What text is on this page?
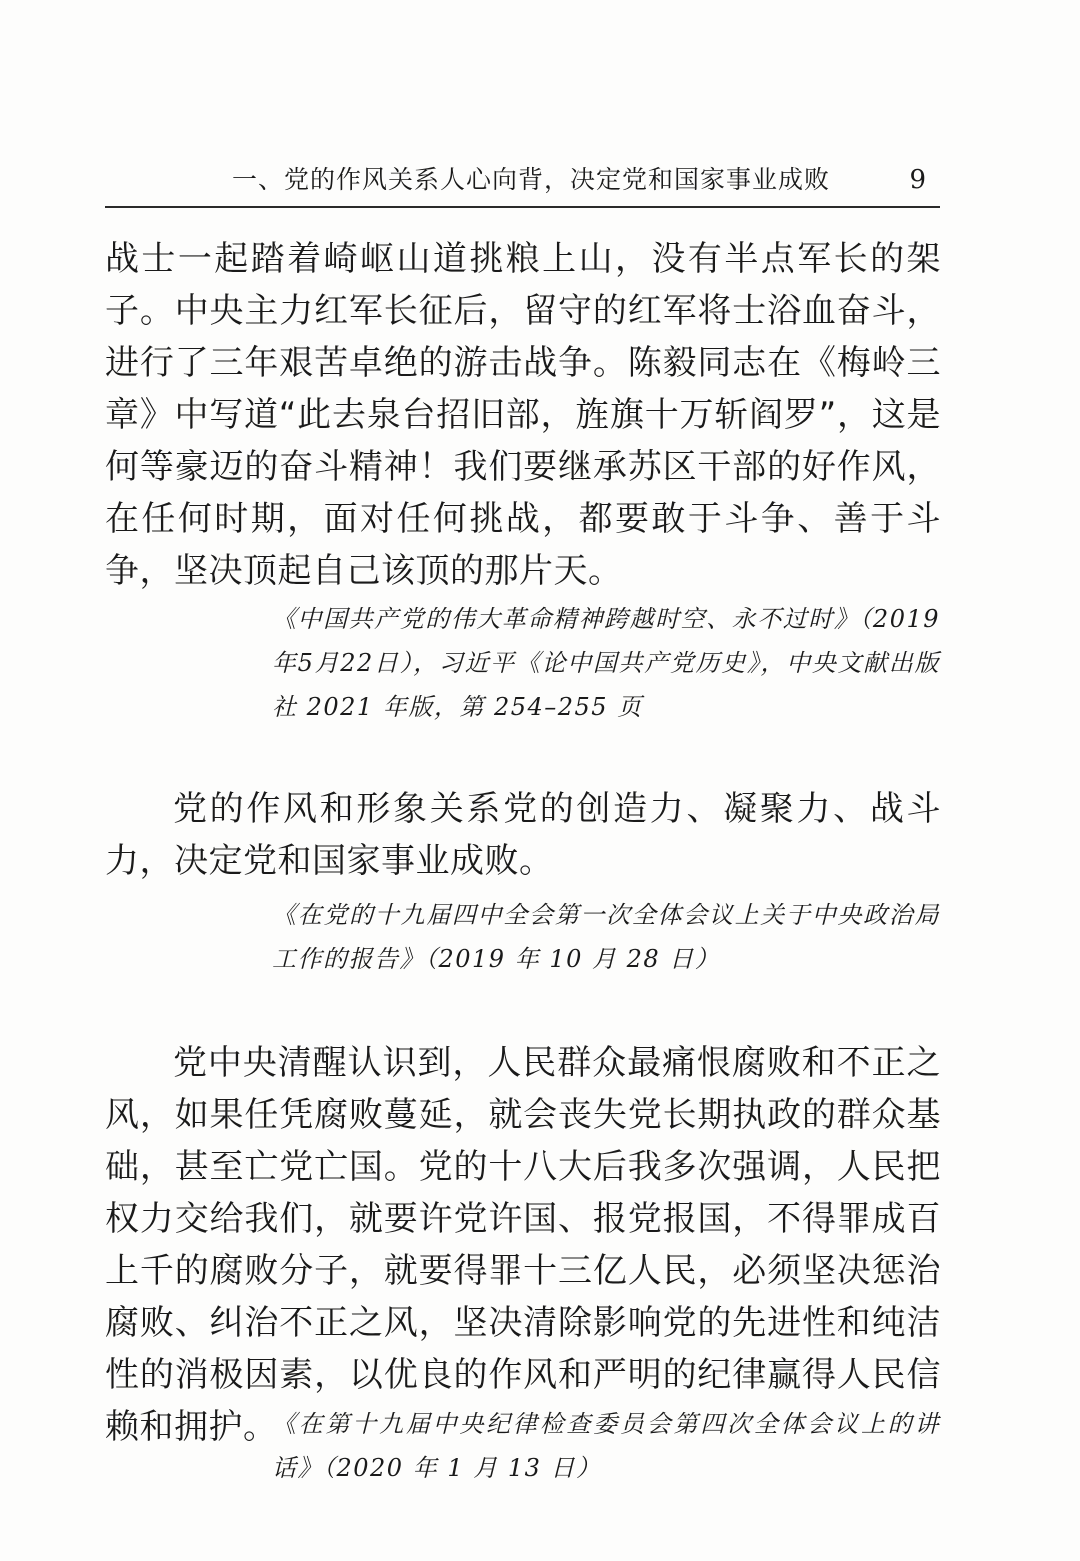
一、党的作风关系人心向背，决定党和国家事业成败	9

战士一起踏着崎岖山道挑粮上山，没有半点军长的架子。中央主力红军长征后，留守的红军将士浴血奋斗，进行了三年艰苦卓绝的游击战争。陈毅同志在《梅岭三章》中写道“此去泉台招旧部，旌旗十万斩阎罗”，这是何等豪迈的奋斗精神！我们要继承苏区干部的好作风，在任何时期，面对任何挑战，都要敢于斗争、善于斗争，坚决顶起自己该顶的那片天。

《中国共产党的伟大革命精神跨越时空、永不过时》（2019年5月22日），习近平《论中国共产党历史》，中央文献出版社 2021 年版，第 254–255 页

党的作风和形象关系党的创造力、凝聚力、战斗力，决定党和国家事业成败。

《在党的十九届四中全会第一次全体会议上关于中央政治局工作的报告》（2019 年 10 月 28 日）

党中央清醒认识到，人民群众最痛恨腐败和不正之风，如果任凭腐败蔓延，就会丧失党长期执政的群众基础，甚至亡党亡国。党的十八大后我多次强调，人民把权力交给我们，就要许党许国、报党报国，不得罪成百上千的腐败分子，就要得罪十三亿人民，必须坚决惩治腐败、纠治不正之风，坚决清除影响党的先进性和纯洁性的消极因素，以优良的作风和严明的纪律赢得人民信赖和拥护。

《在第十九届中央纪律检查委员会第四次全体会议上的讲话》（2020 年 1 月 13 日）
